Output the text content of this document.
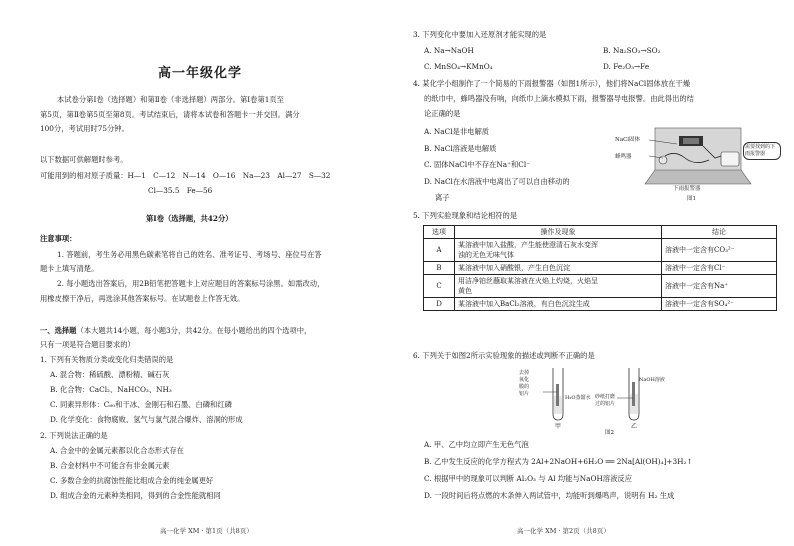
高一年级化学
本试卷分第Ⅰ卷（选择题）和第Ⅱ卷（非选择题）两部分。第Ⅰ卷第1页至
第5页，第Ⅱ卷第5页至第8页。考试结束后，请将本试卷和答题卡一并交回。满分
100分，考试用时75分钟。
以下数据可供解题时参考。
可能用到的相对原子质量：H—1　C—12　N—14　O—16　Na—23　Al—27　S—32
Cl—35.5　Fe—56
第Ⅰ卷（选择题，共42分）
注意事项：
1. 答题前，考生务必用黑色碳素笔将自己的姓名、准考证号、考场号、座位号在答
题卡上填写清楚。
2. 每小题选出答案后，用2B铅笔把答题卡上对应题目的答案标号涂黑。如需改动，
用橡皮擦干净后，再选涂其他答案标号。在试题卷上作答无效。
一、选择题（本大题共14小题，每小题3分，共42分。在每小题给出的四个选项中，
只有一项是符合题目要求的）
1. 下列有关物质分类或变化归类错误的是
A. 混合物：稀硫酸、漂粉精、碱石灰
B. 化合物：CaCl₂、NaHCO₃、NH₃
C. 同素异形体：C₆₀和干冰、金刚石和石墨、白磷和红磷
D. 化学变化：食物腐败、氢气与氯气混合爆炸、溶洞的形成
2. 下列说法正确的是
A. 合金中的金属元素都以化合态形式存在
B. 合金材料中不可能含有非金属元素
C. 多数合金的抗腐蚀性能比组成合金的纯金属更好
D. 组成合金的元素种类相同，得到的合金性能就相同
高一化学 XM · 第1页（共8页）
3. 下列变化中要加入还原剂才能实现的是
A. Na→NaOH	B. Na₂SO₃→SO₂
C. MnSO₄→KMnO₄	D. Fe₂O₃→Fe
4. 某化学小组制作了一个简易的下雨报警器（如图1所示），他们将NaCl固体放在干燥
的纸巾中，蜂鸣器没有响，向纸巾上滴水模拟下雨，报警器导电报警。由此得出的结
论正确的是
A. NaCl是非电解质
B. NaCl溶液是电解质
C. 固体NaCl中不存在Na⁺和Cl⁻
D. NaCl在水溶液中电离出了可以自由移动的
离子
NaCl固体
蜂鸣器
需要找到的下雨报警器
下雨报警器
图1
5. 下列实验现象和结论相符的是
选项	操作及现象	结论
A	某溶液中加入盐酸，产生能使澄清石灰水变浑
浊的无色无味气体	溶液中一定含有CO₃²⁻
B	某溶液中加入硝酸银，产生白色沉淀	溶液中一定含有Cl⁻
C	用洁净铂丝蘸取某溶液在火焰上灼烧，火焰呈
黄色	溶液中一定含有Na⁺
D	某溶液中加入BaCl₂溶液，有白色沉淀生成	溶液中一定含有SO₄²⁻
6. 下列关于如图2所示实验现象的描述或判断不正确的是
去掉
氧化
膜的
铝片
H₂O蒸馏水
甲
砂纸打磨
过的铝片
NaOH溶液
乙
图2
A. 甲、乙中均立即产生无色气泡
B. 乙中发生反应的化学方程式为 2Al+2NaOH+6H₂O ══ 2Na[Al(OH)₄]+3H₂↑
C. 根据甲中的现象可以判断 Al₂O₃ 与 Al 均能与NaOH溶液反应
D. 一段时间后将点燃的木条伸入两试管中，均能听到爆鸣声，说明有 H₂ 生成
高一化学 XM · 第2页（共8页）
